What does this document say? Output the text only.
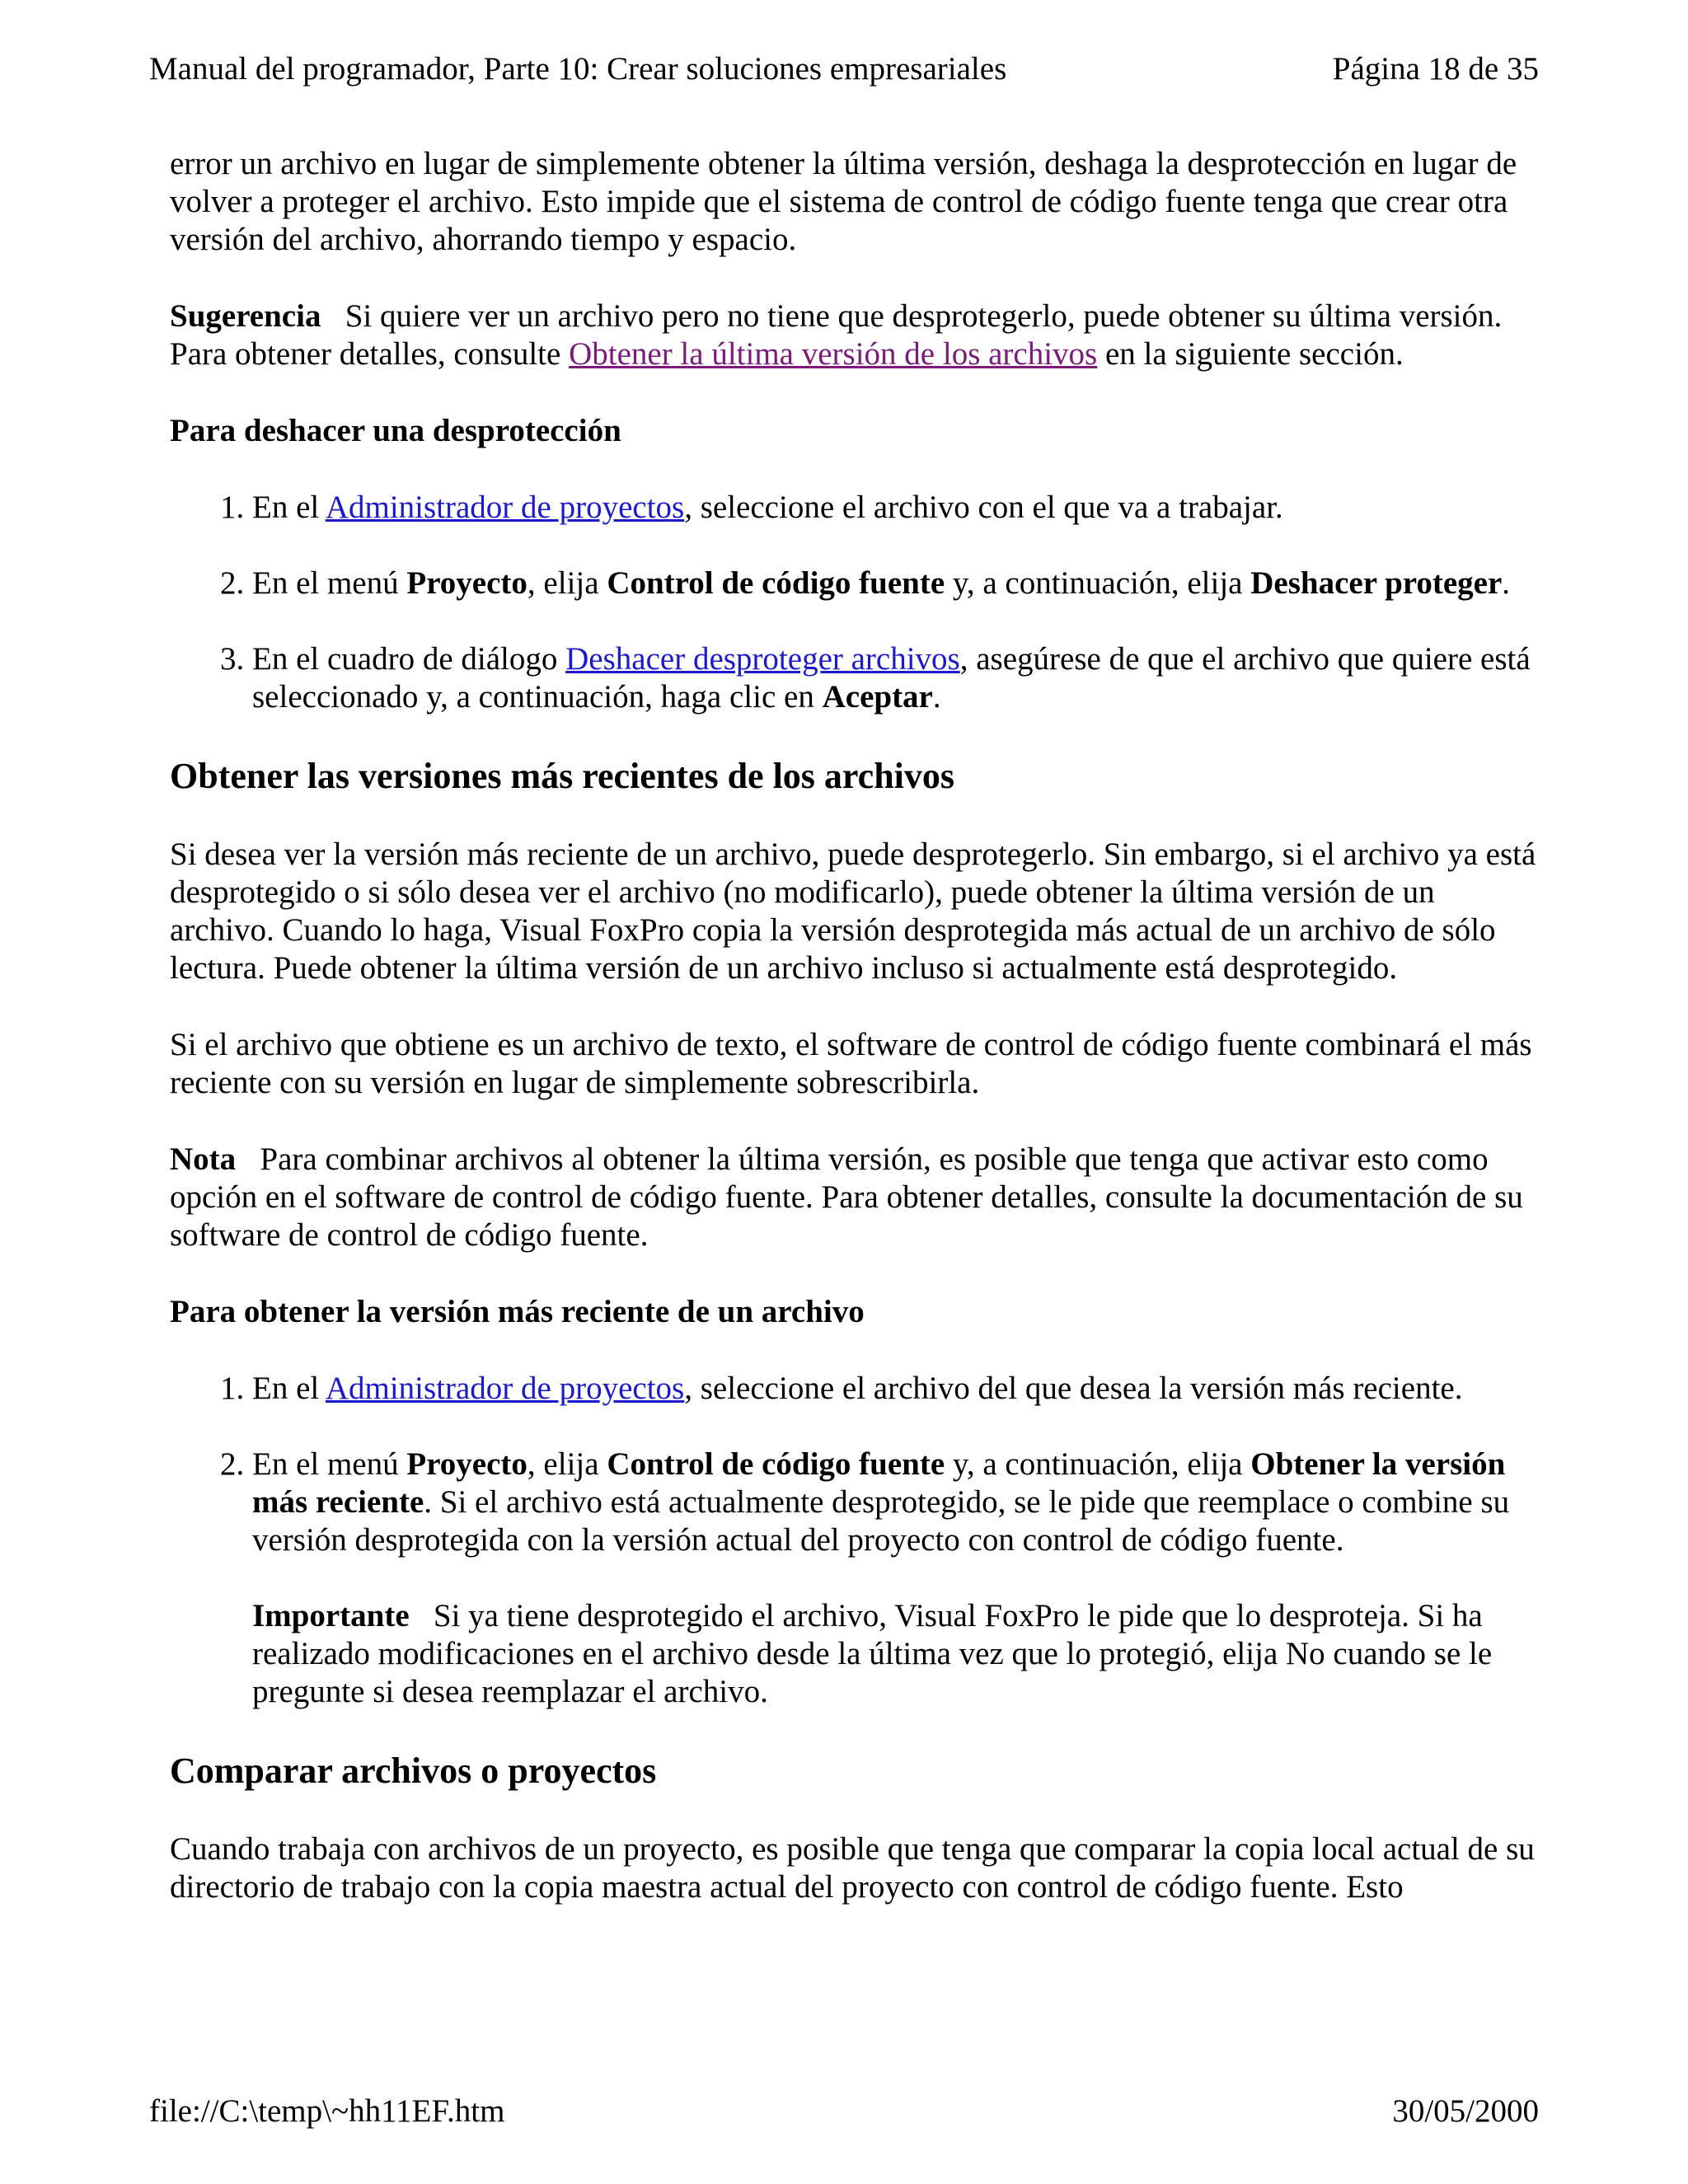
Manual del programador, Parte 10: Crear soluciones empresariales	Página 18 de 35

error un archivo en lugar de simplemente obtener la última versión, deshaga la desprotección en lugar de volver a proteger el archivo. Esto impide que el sistema de control de código fuente tenga que crear otra versión del archivo, ahorrando tiempo y espacio.

Sugerencia Si quiere ver un archivo pero no tiene que desprotegerlo, puede obtener su última versión. Para obtener detalles, consulte Obtener la última versión de los archivos en la siguiente sección.

Para deshacer una desprotección
1. En el Administrador de proyectos, seleccione el archivo con el que va a trabajar.
2. En el menú Proyecto, elija Control de código fuente y, a continuación, elija Deshacer proteger.
3. En el cuadro de diálogo Deshacer desproteger archivos, asegúrese de que el archivo que quiere está seleccionado y, a continuación, haga clic en Aceptar.
Obtener las versiones más recientes de los archivos

Si desea ver la versión más reciente de un archivo, puede desprotegerlo. Sin embargo, si el archivo ya está desprotegido o si sólo desea ver el archivo (no modificarlo), puede obtener la última versión de un archivo. Cuando lo haga, Visual FoxPro copia la versión desprotegida más actual de un archivo de sólo lectura. Puede obtener la última versión de un archivo incluso si actualmente está desprotegido.

Si el archivo que obtiene es un archivo de texto, el software de control de código fuente combinará el más reciente con su versión en lugar de simplemente sobrescribirla.

Nota Para combinar archivos al obtener la última versión, es posible que tenga que activar esto como opción en el software de control de código fuente. Para obtener detalles, consulte la documentación de su software de control de código fuente.

Para obtener la versión más reciente de un archivo
1. En el Administrador de proyectos, seleccione el archivo del que desea la versión más reciente.
2. En el menú Proyecto, elija Control de código fuente y, a continuación, elija Obtener la versión más reciente. Si el archivo está actualmente desprotegido, se le pide que reemplace o combine su versión desprotegida con la versión actual del proyecto con control de código fuente.

Importante Si ya tiene desprotegido el archivo, Visual FoxPro le pide que lo desproteja. Si ha realizado modificaciones en el archivo desde la última vez que lo protegió, elija No cuando se le pregunte si desea reemplazar el archivo.

Comparar archivos o proyectos

Cuando trabaja con archivos de un proyecto, es posible que tenga que comparar la copia local actual de su directorio de trabajo con la copia maestra actual del proyecto con control de código fuente. Esto

file://C:\temp\~hh11EF.htm	30/05/2000
